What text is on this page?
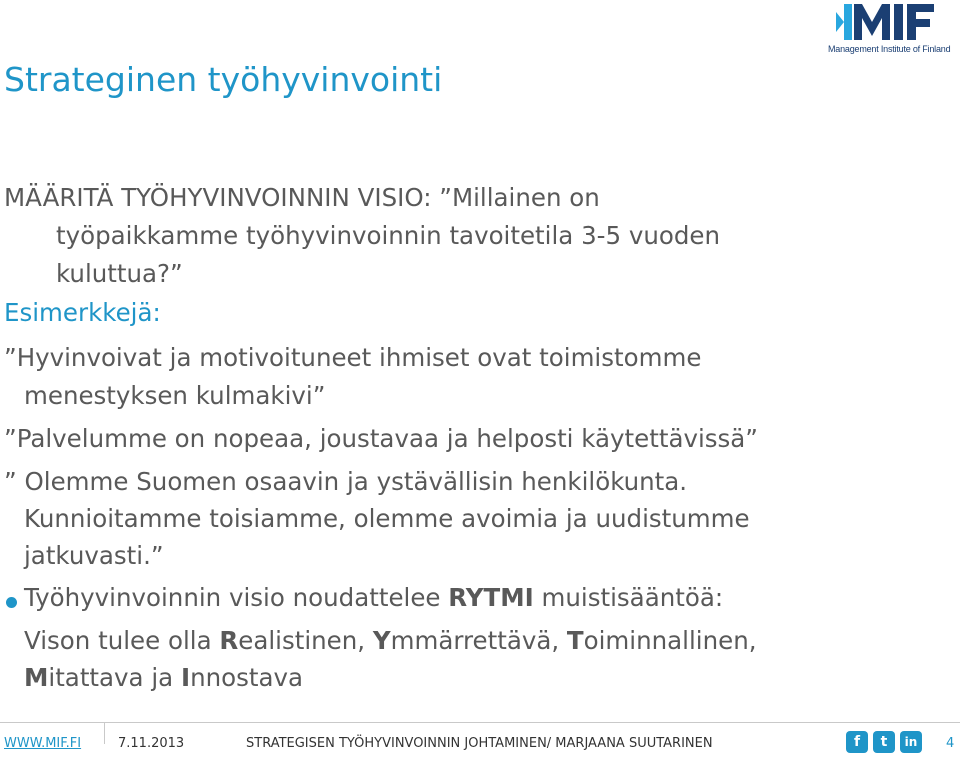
Management Institute of Finland
Strateginen työhyvinvointi
MÄÄRITÄ TYÖHYVINVOINNIN VISIO: ”Millainen on
työpaikkamme työhyvinvoinnin tavoitetila 3-5 vuoden
kuluttua?”
Esimerkkejä:
”Hyvinvoivat ja motivoituneet ihmiset ovat toimistomme
menestyksen kulmakivi”
”Palvelumme on nopeaa, joustavaa ja helposti käytettävissä”
” Olemme Suomen osaavin ja ystävällisin henkilökunta.
Kunnioitamme toisiamme, olemme avoimia ja uudistumme
jatkuvasti.”
Työhyvinvoinnin visio noudattelee RYTMI muistisääntöä:
Vison tulee olla Realistinen, Ymmärrettävä, Toiminnallinen,
Mitattava ja Innostava
WWW.MIF.FI	7.11.2013	STRATEGISEN TYÖHYVINVOINNIN JOHTAMINEN/ MARJAANA SUUTARINEN	f	t	in	4
